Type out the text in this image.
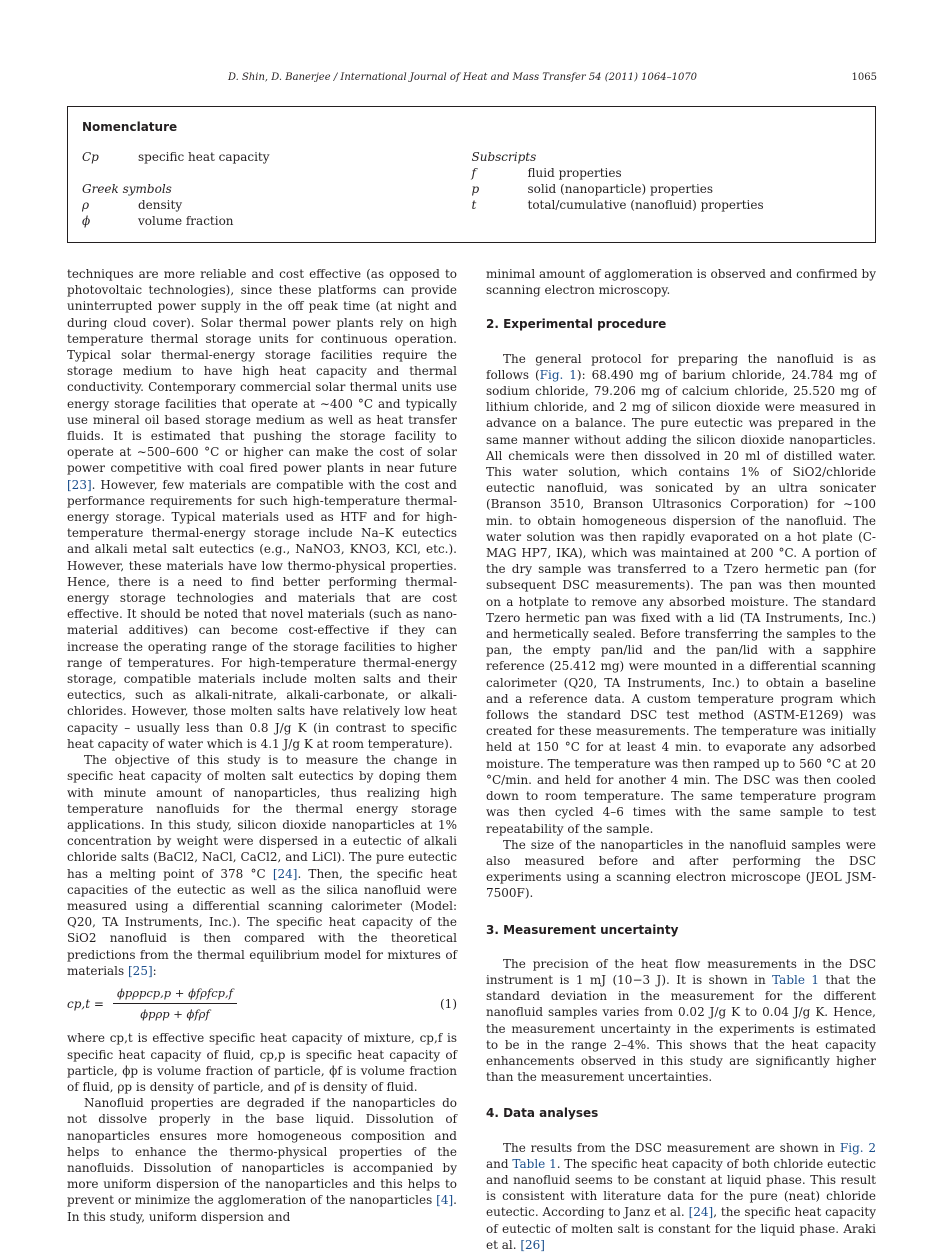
D. Shin, D. Banerjee / International Journal of Heat and Mass Transfer 54 (2011) 1064–1070	1065
Nomenclature
Cp	specific heat capacity
Greek symbols
ρ	density
ϕ	volume fraction
Subscripts
f	fluid properties
p	solid (nanoparticle) properties
t	total/cumulative (nanofluid) properties

techniques are more reliable and cost effective (as opposed to photovoltaic technologies), since these platforms can provide uninterrupted power supply in the off peak time (at night and during cloud cover). Solar thermal power plants rely on high temperature thermal storage units for continuous operation. Typical solar thermal-energy storage facilities require the storage medium to have high heat capacity and thermal conductivity. Contemporary commercial solar thermal units use energy storage facilities that operate at ∼400 °C and typically use mineral oil based storage medium as well as heat transfer fluids. It is estimated that pushing the storage facility to operate at ∼500–600 °C or higher can make the cost of solar power competitive with coal fired power plants in near future [23]. However, few materials are compatible with the cost and performance requirements for such high-temperature thermal-energy storage. Typical materials used as HTF and for high-temperature thermal-energy storage include Na–K eutectics and alkali metal salt eutectics (e.g., NaNO3, KNO3, KCl, etc.). However, these materials have low thermo-physical properties. Hence, there is a need to find better performing thermal-energy storage technologies and materials that are cost effective. It should be noted that novel materials (such as nano-material additives) can become cost-effective if they can increase the operating range of the storage facilities to higher range of temperatures. For high-temperature thermal-energy storage, compatible materials include molten salts and their eutectics, such as alkali-nitrate, alkali-carbonate, or alkali-chlorides. However, those molten salts have relatively low heat capacity – usually less than 0.8 J/g K (in contrast to specific heat capacity of water which is 4.1 J/g K at room temperature).

The objective of this study is to measure the change in specific heat capacity of molten salt eutectics by doping them with minute amount of nanoparticles, thus realizing high temperature nanofluids for the thermal energy storage applications. In this study, silicon dioxide nanoparticles at 1% concentration by weight were dispersed in a eutectic of alkali chloride salts (BaCl2, NaCl, CaCl2, and LiCl). The pure eutectic has a melting point of 378 °C [24]. Then, the specific heat capacities of the eutectic as well as the silica nanofluid were measured using a differential scanning calorimeter (Model: Q20, TA Instruments, Inc.). The specific heat capacity of the SiO2 nanofluid is then compared with the theoretical predictions from the thermal equilibrium model for mixtures of materials [25]:

$cp,t = \frac{\text{ϕpρpcp,p + ϕfρfcp,f}}{\text{ϕpρp + ϕfρf}}$	(1)

where cp,t is effective specific heat capacity of mixture, cp,f is specific heat capacity of fluid, cp,p is specific heat capacity of particle, ϕp is volume fraction of particle, ϕf is volume fraction of fluid, ρp is density of particle, and ρf is density of fluid.

Nanofluid properties are degraded if the nanoparticles do not dissolve properly in the base liquid. Dissolution of nanoparticles ensures more homogeneous composition and helps to enhance the thermo-physical properties of the nanofluids. Dissolution of nanoparticles is accompanied by more uniform dispersion of the nanoparticles and this helps to prevent or minimize the agglomeration of the nanoparticles [4]. In this study, uniform dispersion and

minimal amount of agglomeration is observed and confirmed by scanning electron microscopy.

2. Experimental procedure

The general protocol for preparing the nanofluid is as follows (Fig. 1): 68.490 mg of barium chloride, 24.784 mg of sodium chloride, 79.206 mg of calcium chloride, 25.520 mg of lithium chloride, and 2 mg of silicon dioxide were measured in advance on a balance. The pure eutectic was prepared in the same manner without adding the silicon dioxide nanoparticles. All chemicals were then dissolved in 20 ml of distilled water. This water solution, which contains 1% of SiO2/chloride eutectic nanofluid, was sonicated by an ultra sonicater (Branson 3510, Branson Ultrasonics Corporation) for ∼100 min. to obtain homogeneous dispersion of the nanofluid. The water solution was then rapidly evaporated on a hot plate (C-MAG HP7, IKA), which was maintained at 200 °C. A portion of the dry sample was transferred to a Tzero hermetic pan (for subsequent DSC measurements). The pan was then mounted on a hotplate to remove any absorbed moisture. The standard Tzero hermetic pan was fixed with a lid (TA Instruments, Inc.) and hermetically sealed. Before transferring the samples to the pan, the empty pan/lid and the pan/lid with a sapphire reference (25.412 mg) were mounted in a differential scanning calorimeter (Q20, TA Instruments, Inc.) to obtain a baseline and a reference data. A custom temperature program which follows the standard DSC test method (ASTM-E1269) was created for these measurements. The temperature was initially held at 150 °C for at least 4 min. to evaporate any adsorbed moisture. The temperature was then ramped up to 560 °C at 20 °C/min. and held for another 4 min. The DSC was then cooled down to room temperature. The same temperature program was then cycled 4–6 times with the same sample to test repeatability of the sample.

The size of the nanoparticles in the nanofluid samples were also measured before and after performing the DSC experiments using a scanning electron microscope (JEOL JSM-7500F).

3. Measurement uncertainty

The precision of the heat flow measurements in the DSC instrument is 1 mJ (10−3 J). It is shown in Table 1 that the standard deviation in the measurement for the different nanofluid samples varies from 0.02 J/g K to 0.04 J/g K. Hence, the measurement uncertainty in the experiments is estimated to be in the range 2–4%. This shows that the heat capacity enhancements observed in this study are significantly higher than the measurement uncertainties.

4. Data analyses

The results from the DSC measurement are shown in Fig. 2 and Table 1. The specific heat capacity of both chloride eutectic and nanofluid seems to be constant at liquid phase. This result is consistent with literature data for the pure (neat) chloride eutectic. According to Janz et al. [24], the specific heat capacity of eutectic of molten salt is constant for the liquid phase. Araki et al. [26]
